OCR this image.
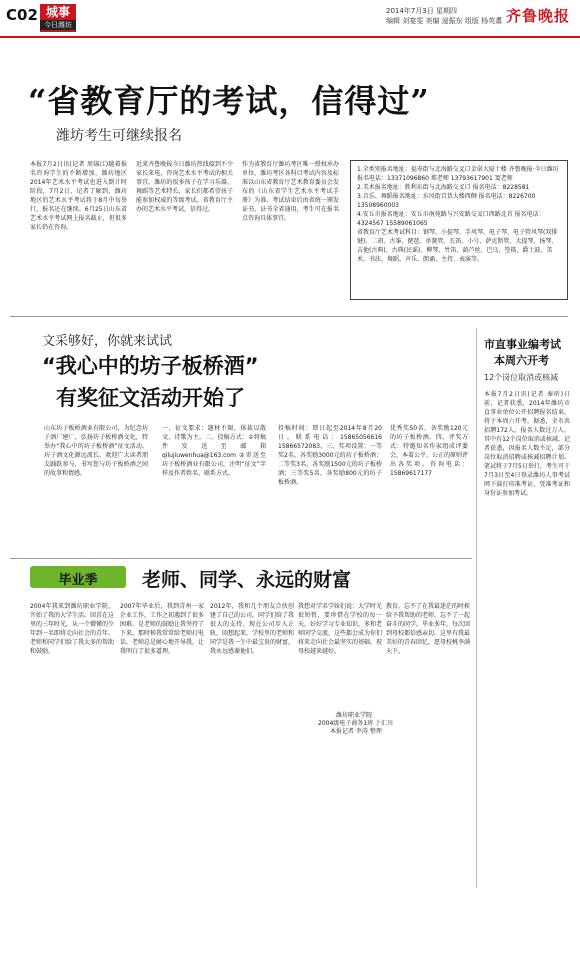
C02 城事
今日潍坊
2014年7月3日 星期四
编辑 刘宴雯 美编 逯振东 组版 杨英翥 齐鲁晚报
“省教育厅的考试，信得过”
潍坊考生可继续报名
本报7月2日讯(记者 周锦江)随着报名咨询学生的不断增加，潍坊地区2014年艺术水平考试也进入倒计时阶段，7月2日，记者了解到，潍坊地区的艺术水平考试将于8月中旬举行，报名还在继续。6月25日山东省艺术水平考试网上报名截止，但很多家长仍在咨询。
近来齐鲁晚报今日潍坊热线接到不少家长来电，咨询艺术水平考试的相关事宜，潍坊的很多孩子在学习乐器、舞蹈等艺术特长，家长们都希望孩子能参加权威的等级考试。省教育厅主办的艺术水平考试，信得过。
作为省教育厅潍坊考区唯一授权承办单位，潍坊考区各科目考试内容及标准以山东省教育厅艺术教育委员会发布的《山东省学生艺术水平考试手册》为准，考试结束后由省统一颁发证书，证书全省通用，考生可在报名点咨询具体事宜。
1.全类别报名地址：福寿街与北海路交叉口金诺大厦十楼 齐鲁晚报·今日潍坊
报名电话：13371096860 郑老师 13793617901 窦老师
2.美术报名地址：胜利东街与北海路交叉口 报名电话：8228581
3.音乐、舞蹈报名地址：东风街百货大楼西侧 报名电话：8226700 13508960003
4.安丘市报名地址：安丘市南苑路与兴安路交叉口西路北首 报名电话：4324567 15589061065
省教育厅艺术考试科目：钢琴、小提琴、手风琴、电子琴、电子管风琴(双排键)、二胡、古筝、琵琶、单簧管、长笛、小号、萨克斯管、大提琴、扬琴、吉他(古典)、古典(民谣)、柳琴、竹笛、葫芦丝、巴乌、箜篌、爵士鼓、美术、书法、舞蹈、声乐、朗诵、主持、表演等。
文采够好，你就来试试
“我心中的坊子板桥酒”
有奖征文活动开始了
山东坊子板桥酒业有限公司，为纪念坊子酒厂建厂，弘扬坊子板桥酒文化，特举办“我心中的坊子板桥酒”征文活动。坊子酒文化源远流长，欢迎广大读者朋友踊跃参与，书写您与坊子板桥酒之间的故事和情感。
一、征文要求：题材不限，体裁以散文、诗歌为主。二、投稿方式：①将稿件发送至邮箱 qilujiuwenhua@163.com ②寄送至坊子板桥酒业有限公司，注明“征文”字样及作者姓名、联系方式。
投稿时间：即日起至2014年8月20日。联系电话：15865056616 15866572083。三、奖项设置：一等奖2名，各奖励3000元的坊子板桥酒；二等奖3名，各奖励1500元的坊子板桥酒；三等奖5名，各奖励800元的坊子板桥酒。
优秀奖50名，各奖励120元的坊子板桥酒。四、评奖方式：特邀知名作家组成评委会，本着公平、公正的原则评出各奖项。咨询电话：15869617177
市直事业编考试
本周六开考
12个岗位取消或核减
本报7月2日讯(记者 秦昕)日前，记者获悉，2014年潍坊市直事业单位公开招聘报名结束，将于本周六开考。据悉，全市共招聘172人，报名人数过万人，其中有12个岗位取消或核减。记者获悉，因报名人数不足，部分岗位取消招聘或核减招聘计划。笔试将于7月5日举行，考生可于7月3日至4日登录潍坊人事考试网下载打印准考证，凭准考证和身份证参加考试。
毕业季	老师、同学、永远的财富
2004年我来到潍坊职业学院，开始了我的大学生活。回首在这里的三年时光，从一个懵懂的少年到一名即将走向社会的青年，老师和同学们给了我太多的帮助和鼓励。
2007年毕业后，我到青州一家企业工作，工作之初遇到了很多困难，是老师的鼓励让我坚持了下来。那时候我常常给老师打电话，老师总是耐心地开导我，让我明白了很多道理。
2012年，我和几个朋友合伙创建了自己的公司，同学们给了我很大的支持。现在公司步入正轨，回想起来，学校里的老师和同学是我一生中最宝贵的财富，我永远感谢他们。
我想对学弟学妹们说：大学时光很短暂，要珍惜在学校的每一天，好好学习专业知识，多和老师同学交流，这些都会成为你们将来走向社会最坚实的基础。祝母校越来越好。
教育，忘不了在我最迷茫的时候给予我帮助的老师，忘不了一起奋斗的同学。毕业多年，每次回到母校都倍感亲切，这里有我最美好的青春回忆，愿母校桃李满天下。
潍坊职业学院
2004级电子商务1班 于汇川
本报记者 李涛 整理
